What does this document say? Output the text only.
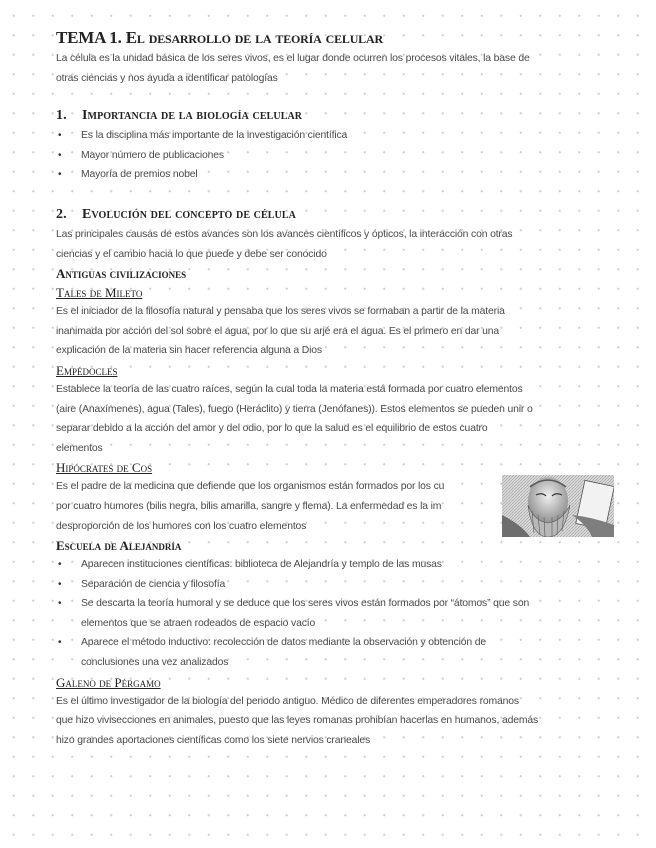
TEMA 1. El desarrollo de la teoría celular

La célula es la unidad básica de los seres vivos, es el lugar donde ocurren los procesos vitales, la base de

otras ciencias y nos ayuda a identificar patologías

1. Importancia de la biología celular
• Es la disciplina más importante de la investigación científica
• Mayor número de publicaciones
• Mayoría de premios nobel
2. Evolución del concepto de célula

Las principales causas de estos avances son los avances científicos y ópticos, la interacción con otras

ciencias y el cambio hacia lo que puede y debe ser conocido

Antiguas civilizaciones
Tales de Mileto

Es el iniciador de la filosofía natural y pensaba que los seres vivos se formaban a partir de la materia

inanimada por acción del sol sobre el agua, por lo que su arjé era el agua. Es el primero en dar una

explicación de la materia sin hacer referencia alguna a Dios

Empédocles

Establece la teoría de las cuatro raíces, según la cual toda la materia está formada por cuatro elementos

(aire (Anaxímenes), agua (Tales), fuego (Heráclito) y tierra (Jenófanes)). Estos elementos se pueden unir o

separar debido a la acción del amor y del odio, por lo que la salud es el equilibrio de estos cuatro

elementos

Hipócrates de Cos

Es el padre de la medicina que defiende que los organismos están formados por los cu

por cuatro humores (bilis negra, bilis amarilla, sangre y flema). La enfermedad es la im

desproporción de los humores con los cuatro elementos

Escuela de Alejandría
• Aparecen instituciones científicas: biblioteca de Alejandría y templo de las musas
• Separación de ciencia y filosofía
• Se descarta la teoría humoral y se deduce que los seres vivos están formados por “átomos” que son
elementos que se atraen rodeados de espacio vacío
• Aparece el método inductivo: recolección de datos mediante la observación y obtención de
conclusiones una vez analizados
Galeno de Pérgamo

Es el último investigador de la biología del periodo antiguo. Médico de diferentes emperadores romanos

que hizo vivisecciones en animales, puesto que las leyes romanas prohibían hacerlas en humanos, además

hizo grandes aportaciones científicas como los siete nervios craneales
